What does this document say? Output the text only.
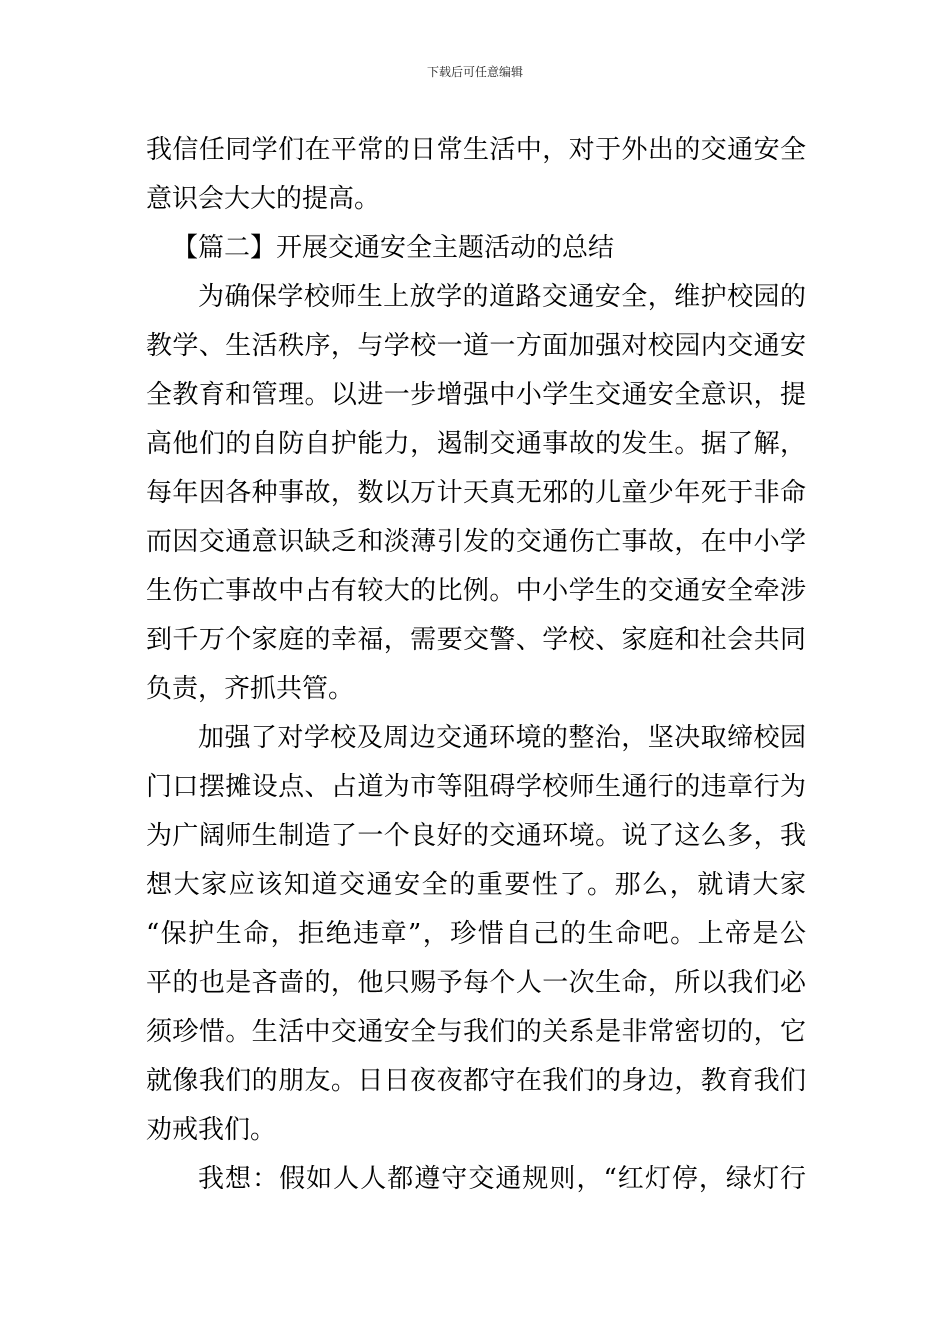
下载后可任意编辑
我信任同学们在平常的日常生活中，对于外出的交通安全
意识会大大的提高。
【篇二】开展交通安全主题活动的总结
为确保学校师生上放学的道路交通安全，维护校园的
教学、生活秩序，与学校一道一方面加强对校园内交通安
全教育和管理。以进一步增强中小学生交通安全意识，提
高他们的自防自护能力，遏制交通事故的发生。据了解，
每年因各种事故，数以万计天真无邪的儿童少年死于非命
而因交通意识缺乏和淡薄引发的交通伤亡事故，在中小学
生伤亡事故中占有较大的比例。中小学生的交通安全牵涉
到千万个家庭的幸福，需要交警、学校、家庭和社会共同
负责，齐抓共管。
加强了对学校及周边交通环境的整治，坚决取缔校园
门口摆摊设点、占道为市等阻碍学校师生通行的违章行为
为广阔师生制造了一个良好的交通环境。说了这么多，我
想大家应该知道交通安全的重要性了。那么，就请大家
“保护生命，拒绝违章”，珍惜自己的生命吧。上帝是公
平的也是吝啬的，他只赐予每个人一次生命，所以我们必
须珍惜。生活中交通安全与我们的关系是非常密切的，它
就像我们的朋友。日日夜夜都守在我们的身边，教育我们
劝戒我们。
我想：假如人人都遵守交通规则，“红灯停，绿灯行
